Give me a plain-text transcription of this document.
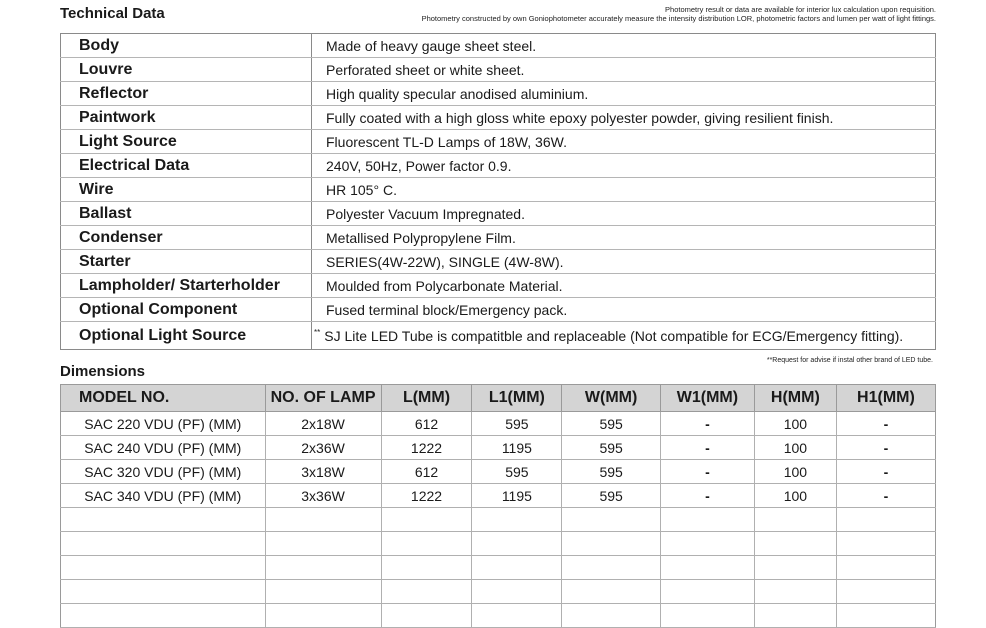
Technical Data	Photometry result or data are available for interior lux calculation upon requisition.
Photometry constructed by own Goniophotometer accurately measure the intensity distribution LOR, photometric factors and lumen per watt of light fittings.
Body	Made of heavy gauge sheet steel.
Louvre	Perforated sheet or white sheet.
Reflector	High quality specular anodised aluminium.
Paintwork	Fully coated with a high gloss white epoxy polyester powder, giving resilient finish.
Light Source	Fluorescent TL-D Lamps of 18W, 36W.
Electrical Data	240V, 50Hz, Power factor 0.9.
Wire	HR 105° C.
Ballast	Polyester Vacuum Impregnated.
Condenser	Metallised Polypropylene Film.
Starter	SERIES(4W-22W), SINGLE (4W-8W).
Lampholder/ Starterholder	Moulded from Polycarbonate Material.
Optional Component	Fused terminal block/Emergency pack.
Optional Light Source	** SJ Lite LED Tube is compatitble and replaceable (Not compatible for ECG/Emergency fitting).
Dimensions
**Request for advise if instal other brand of LED tube.
MODEL NO.	NO. OF LAMP	L(MM)	L1(MM)	W(MM)	W1(MM)	H(MM)	H1(MM)
SAC 220 VDU (PF) (MM)	2x18W	612	595	595	-	100	-
SAC 240 VDU (PF) (MM)	2x36W	1222	1195	595	-	100	-
SAC 320 VDU (PF) (MM)	3x18W	612	595	595	-	100	-
SAC 340 VDU (PF) (MM)	3x36W	1222	1195	595	-	100	-
